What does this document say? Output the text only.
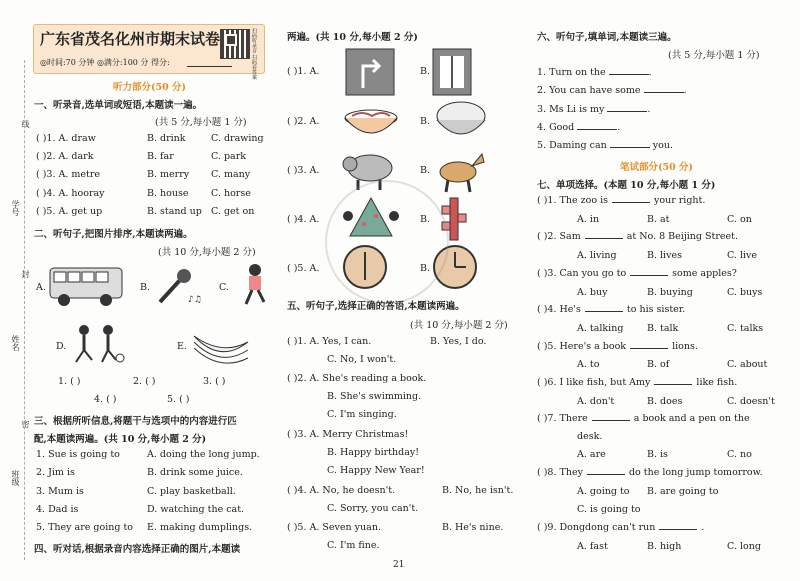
学号
姓名
班级
线
封
密
广东省茂名化州市期末试卷
◎时间:70 分钟 ◎满分:100 分 得分:	扫码听录音 扫码看答案
听力部分(50 分)
一、听录音,选单词或短语,本题读一遍。
(共 5 分,每小题 1 分)
( )1. A. draw	B. drink	C. drawing
( )2. A. dark	B. far	C. park
( )3. A. metre	B. merry C. many
( )4. A. hooray	B. house C. horse
( )5. A. get up	B. stand up C. get on
二、听句子,把图片排序,本题读两遍。
(共 10 分,每小题 2 分)
A.	B.
♪♫
C.
D.	E.
1. ( )	2. ( )	3. ( )
4. ( )	5. ( )
三、根据所听信息,将题干与选项中的内容进行匹
配,本题读两遍。(共 10 分,每小题 2 分)
1. Sue is going to	A. doing the long jump.
2. Jim is	B. drink some juice.
3. Mum is	C. play basketball.
4. Dad is	D. watching the cat.
5. They are going to E. making dumplings.
四、听对话,根据录音内容选择正确的图片,本题读
两遍。(共 10 分,每小题 2 分)
( )1. A.	B.
( )2. A.	B.
( )3. A.	B.
( )4. A.	B.
( )5. A.	B.
五、听句子,选择正确的答语,本题读两遍。
(共 10 分,每小题 2 分)
( )1. A. Yes, I can.	B. Yes, I do.
C. No, I won't.
( )2. A. She's reading a book.
B. She's swimming.
C. I'm singing.
( )3. A. Merry Christmas!
B. Happy birthday!
C. Happy New Year!
( )4. A. No, he doesn't.	B. No, he isn't.
C. Sorry, you can't.
( )5. A. Seven yuan.	B. He's nine.
C. I'm fine.
21
六、听句子,填单词,本题读三遍。
(共 5 分,每小题 1 分)
1. Turn on the	.
2. You can have some	.
3. Ms Li is my	.
4. Good	.
5. Daming can	you.
笔试部分(50 分)
七、单项选择。(本题 10 分,每小题 1 分)
( )1. The zoo is	your right.
A. in	B. at	C. on
( )2. Sam	at No. 8 Beijing Street.
A. living	B. lives	C. live
( )3. Can you go to	some apples?
A. buy	B. buying	C. buys
( )4. He's	to his sister.
A. talking B. talk	C. talks
( )5. Here's a book	lions.
A. to	B. of	C. about
( )6. I like fish, but Amy	like fish.
A. don't	B. does	C. doesn't
( )7. There	a book and a pen on the
desk.
A. are	B. is	C. no
( )8. They	do the long jump tomorrow.
A. going to B. are going to
C. is going to
( )9. Dongdong can't run	.
A. fast	B. high	C. long
